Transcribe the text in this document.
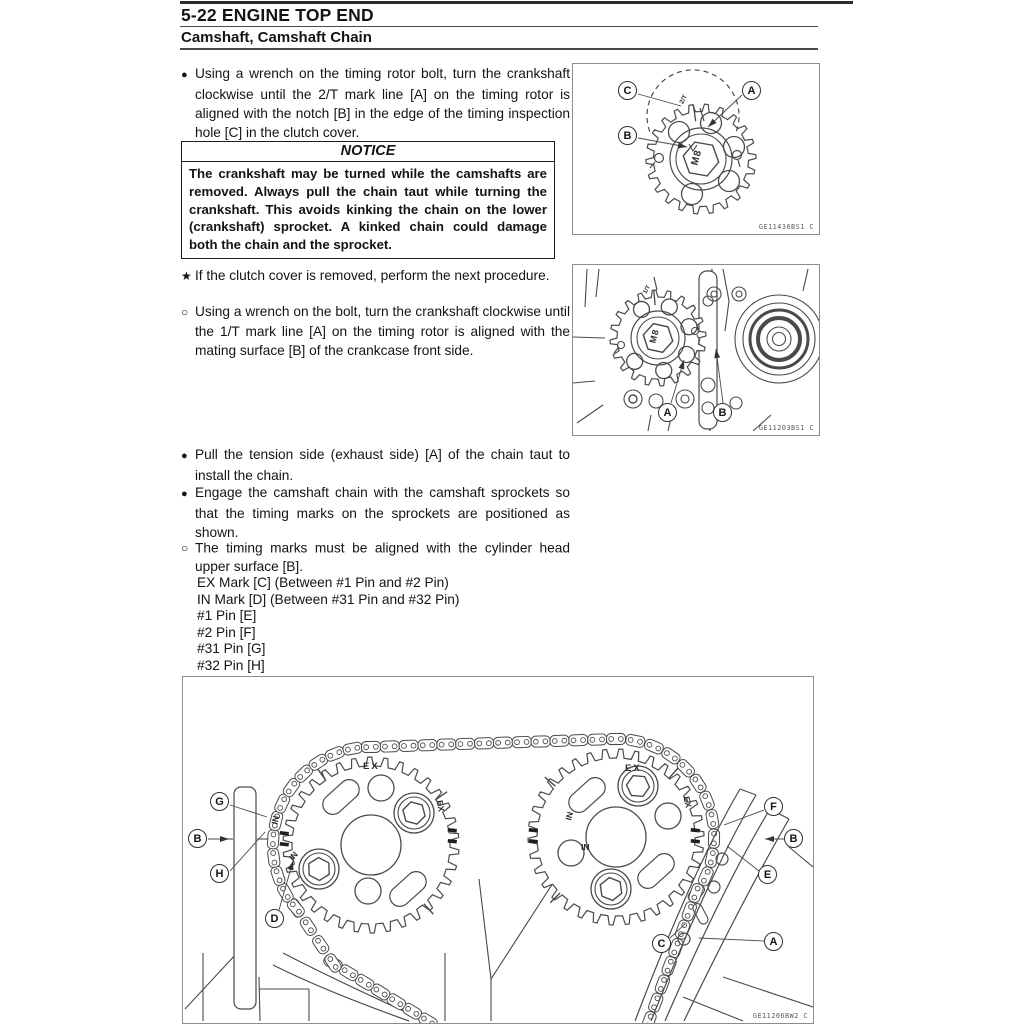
5-22 ENGINE TOP END
Camshaft, Camshaft Chain
● Using a wrench on the timing rotor bolt, turn the crankshaft clockwise until the 2/T mark line [A] on the timing rotor is aligned with the notch [B] in the edge of the timing inspection hole [C] in the clutch cover.
NOTICE
The crankshaft may be turned while the camshafts are removed. Always pull the chain taut while turning the crankshaft. This avoids kinking the chain on the lower (crankshaft) sprocket. A kinked chain could damage both the chain and the sprocket.
★ If the clutch cover is removed, perform the next procedure.
○ Using a wrench on the bolt, turn the crankshaft clockwise until the 1/T mark line [A] on the timing rotor is aligned with the mating surface [B] of the crankcase front side.
● Pull the tension side (exhaust side) [A] of the chain taut to install the chain.
● Engage the camshaft chain with the camshaft sprockets so that the timing marks on the sprockets are positioned as shown.
○ The timing marks must be aligned with the cylinder head upper surface [B].
EX Mark [C] (Between #1 Pin and #2 Pin)
IN Mark [D] (Between #31 Pin and #32 Pin)
#1 Pin [E]
#2 Pin [F]
#31 Pin [G]
#32 Pin [H]
M8
2/T
C	A
B
GE11436BS1 C
M8
1/T
A	B
GE11203BS1 C
EX
EX
IN
IN
EX
IN
IN
EX
G
B
H
D
F
B
E
C	A
GE11206BW2 C
